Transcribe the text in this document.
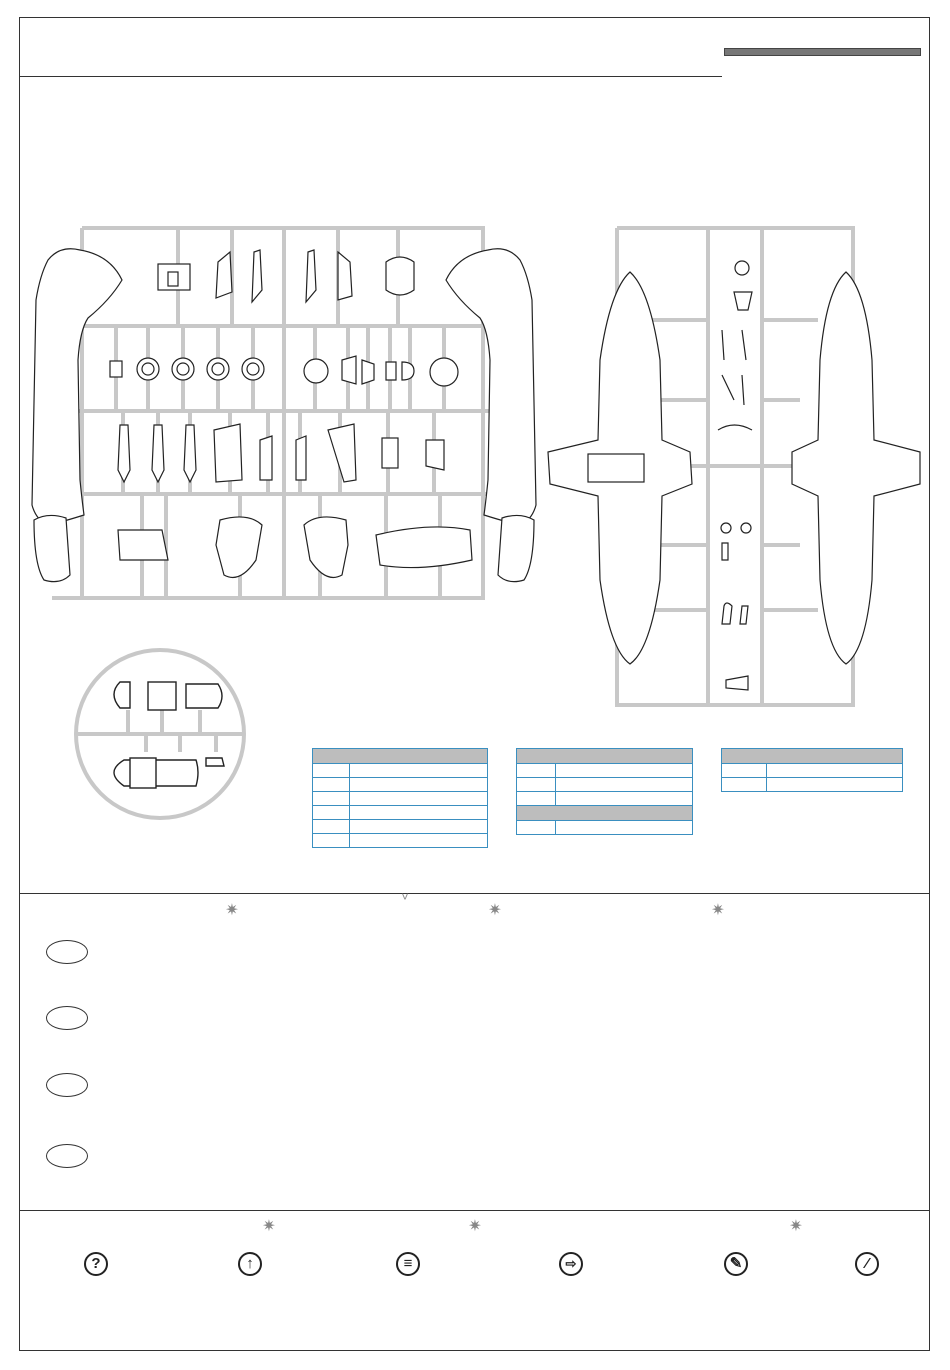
✷
˅
✷	✷
✷	✷	✷
?	↑	≡	⇨	✎	⁄
